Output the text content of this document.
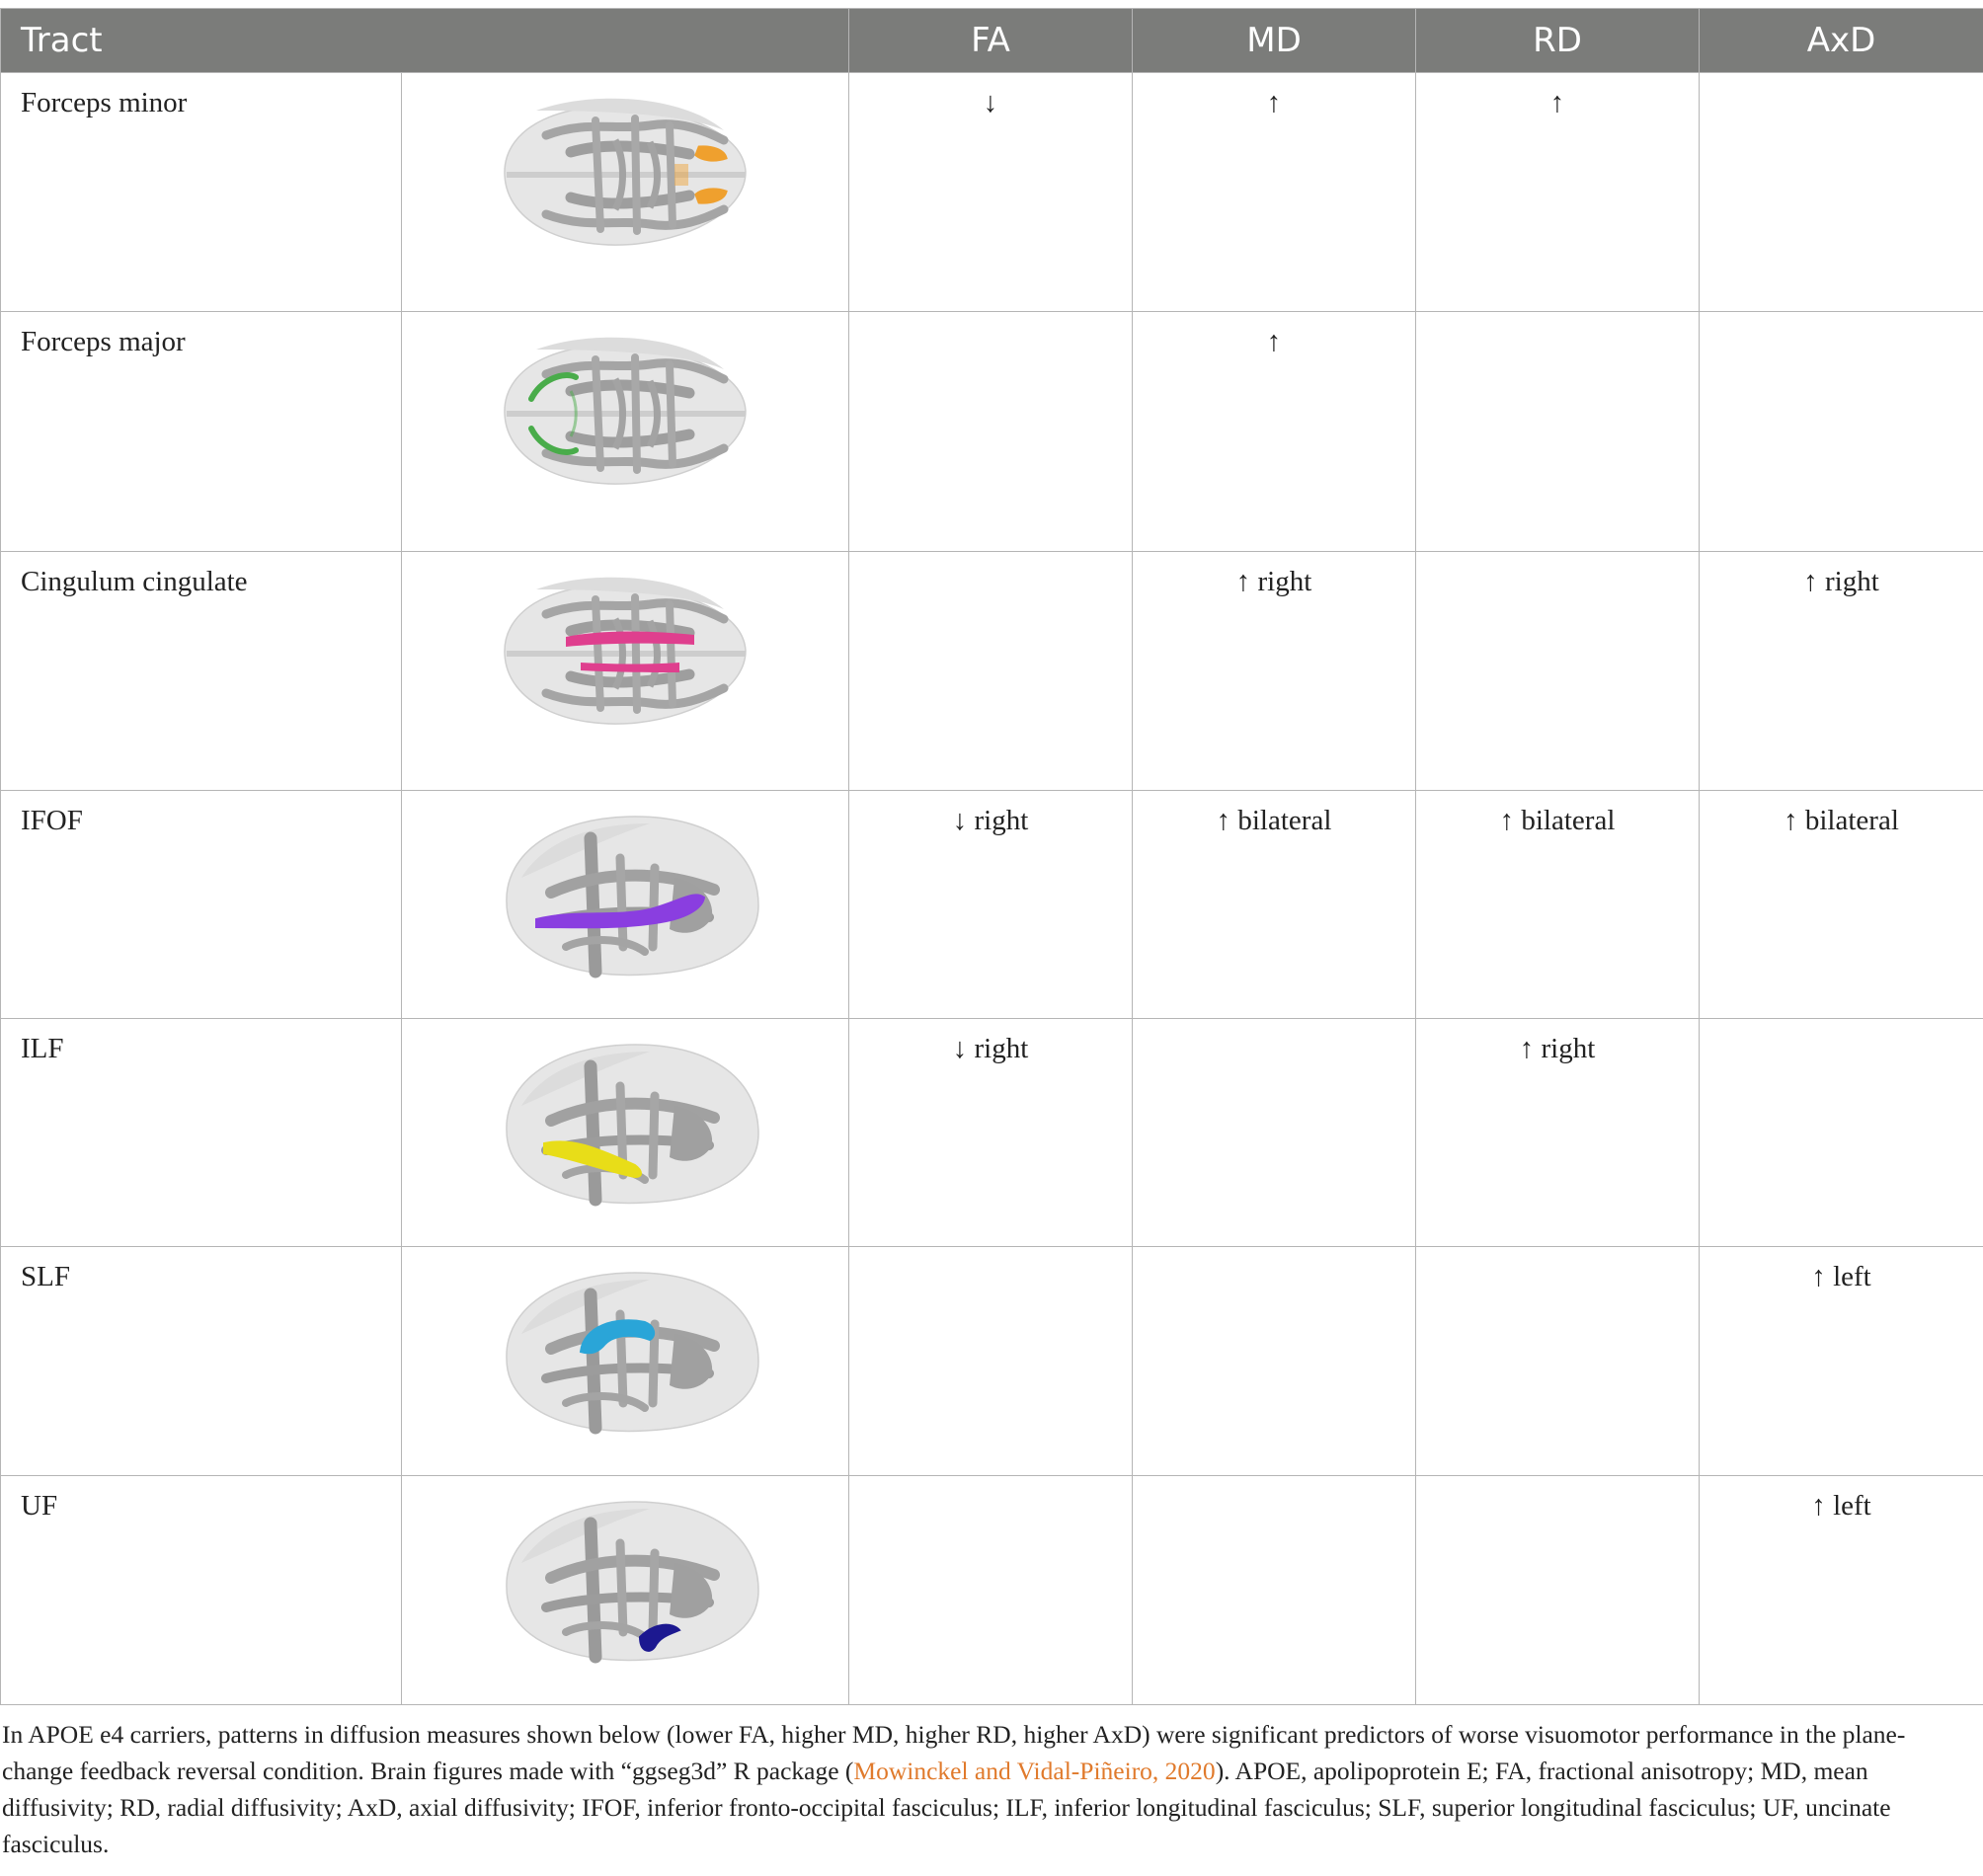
Tract		FA	MD	RD	AxD
Forceps minor		↓	↑	↑	
Forceps major			↑		
Cingulum cingulate			↑ right		↑ right
IFOF		↓ right	↑ bilateral	↑ bilateral	↑ bilateral
ILF		↓ right		↑ right	
SLF					↑ left
UF					↑ left

In APOE e4 carriers, patterns in diffusion measures shown below (lower FA, higher MD, higher RD, higher AxD) were significant predictors of worse visuomotor performance in the plane-change feedback reversal condition. Brain figures made with “ggseg3d” R package (Mowinckel and Vidal-Piñeiro, 2020). APOE, apolipoprotein E; FA, fractional anisotropy; MD, mean diffusivity; RD, radial diffusivity; AxD, axial diffusivity; IFOF, inferior fronto-occipital fasciculus; ILF, inferior longitudinal fasciculus; SLF, superior longitudinal fasciculus; UF, uncinate fasciculus.
